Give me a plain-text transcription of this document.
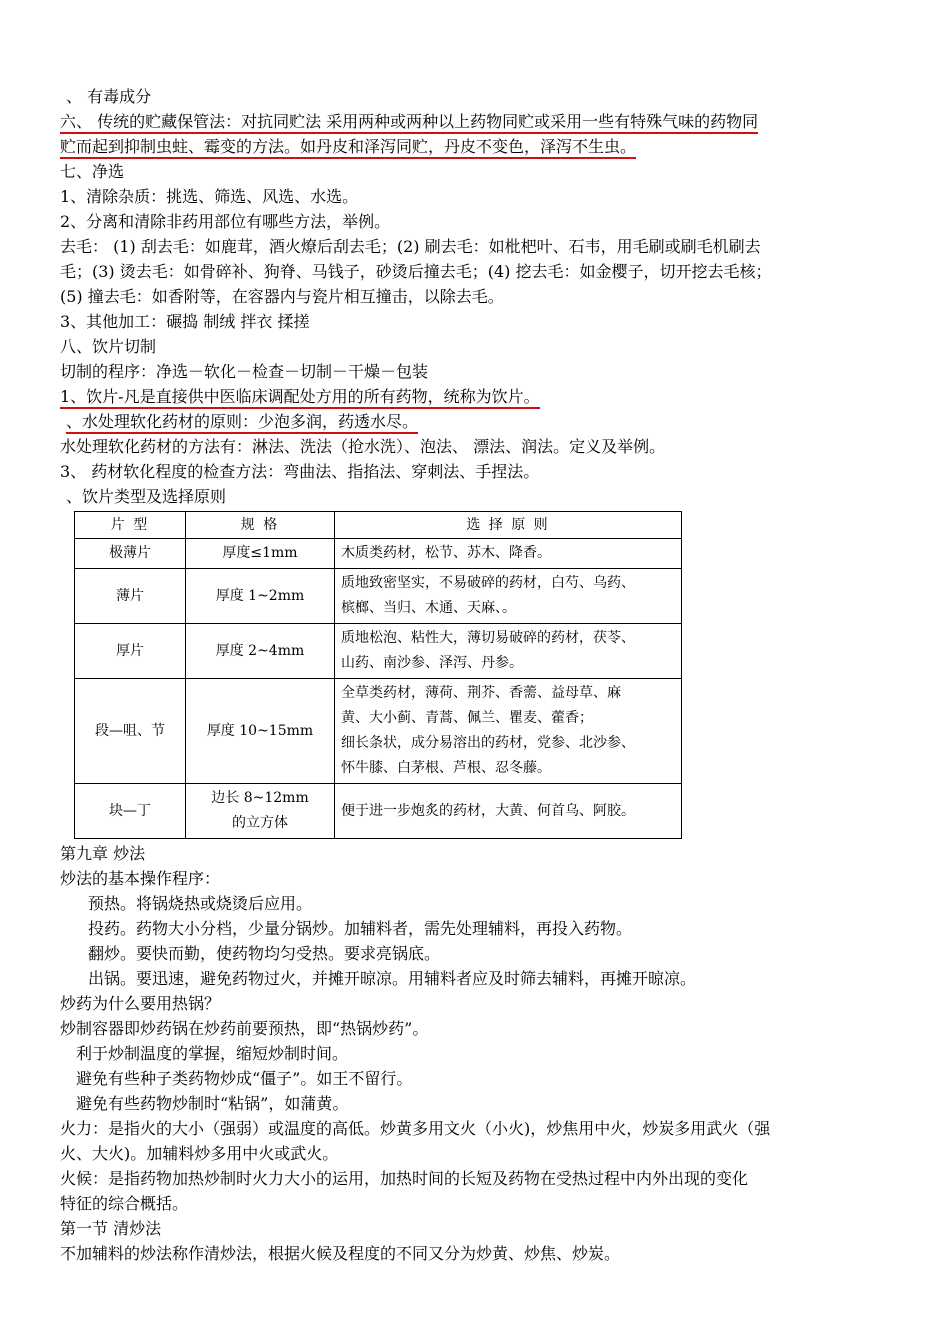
、 有毒成分
六、 传统的贮藏保管法：对抗同贮法 采用两种或两种以上药物同贮或采用一些有特殊气味的药物同
贮而起到抑制虫蛀、霉变的方法。如丹皮和泽泻同贮，丹皮不变色，泽泻不生虫。
七、净选
1、清除杂质：挑选、筛选、风选、水选。
2、分离和清除非药用部位有哪些方法，举例。
去毛： (1) 刮去毛：如鹿茸，酒火燎后刮去毛；(2) 刷去毛：如枇杷叶、石韦，用毛刷或刷毛机刷去
毛；(3) 烫去毛：如骨碎补、狗脊、马钱子，砂烫后撞去毛；(4) 挖去毛：如金樱子，切开挖去毛核；
(5) 撞去毛：如香附等，在容器内与瓷片相互撞击，以除去毛。
3、其他加工：碾捣 制绒 拌衣 揉搓
八、饮片切制
切制的程序：净选－软化－检查－切制－干燥－包装
1、饮片-凡是直接供中医临床调配处方用的所有药物，统称为饮片。
、水处理软化药材的原则：少泡多润，药透水尽。
水处理软化药材的方法有：淋法、洗法（抢水洗）、泡法、 漂法、润法。定义及举例。
3、 药材软化程度的检查方法：弯曲法、指掐法、穿刺法、手捏法。
、饮片类型及选择原则
片 型	规 格	选 择 原 则
极薄片	厚度≤1mm	木质类药材，松节、苏木、降香。

薄片	厚度 1~2mm	质地致密坚实，不易破碎的药材，白芍、乌药、
槟榔、当归、木通、天麻、。

厚片	厚度 2~4mm	质地松泡、粘性大，薄切易破碎的药材，茯苓、
山药、南沙参、泽泻、丹参。

段—咀、节	厚度 10~15mm	全草类药材，薄荷、荆芥、香薷、益母草、麻
黄、大小蓟、青蒿、佩兰、瞿麦、藿香；
细长条状，成分易溶出的药材，党参、北沙参、
怀牛膝、白茅根、芦根、忍冬藤。

块—丁	边长 8~12mm
的立方体	便于进一步炮炙的药材，大黄、何首乌、阿胶。
第九章 炒法
炒法的基本操作程序：
预热。将锅烧热或烧烫后应用。
投药。药物大小分档，少量分锅炒。加辅料者，需先处理辅料，再投入药物。
翻炒。要快而勤，使药物均匀受热。要求亮锅底。
出锅。要迅速，避免药物过火，并摊开晾凉。用辅料者应及时筛去辅料，再摊开晾凉。
炒药为什么要用热锅？
炒制容器即炒药锅在炒药前要预热，即“热锅炒药”。
利于炒制温度的掌握，缩短炒制时间。
避免有些种子类药物炒成“僵子”。如王不留行。
避免有些药物炒制时“粘锅”，如蒲黄。
火力：是指火的大小（强弱）或温度的高低。炒黄多用文火（小火)，炒焦用中火，炒炭多用武火（强
火、大火)。加辅料炒多用中火或武火。
火候：是指药物加热炒制时火力大小的运用，加热时间的长短及药物在受热过程中内外出现的变化
特征的综合概括。
第一节 清炒法
不加辅料的炒法称作清炒法，根据火候及程度的不同又分为炒黄、炒焦、炒炭。
